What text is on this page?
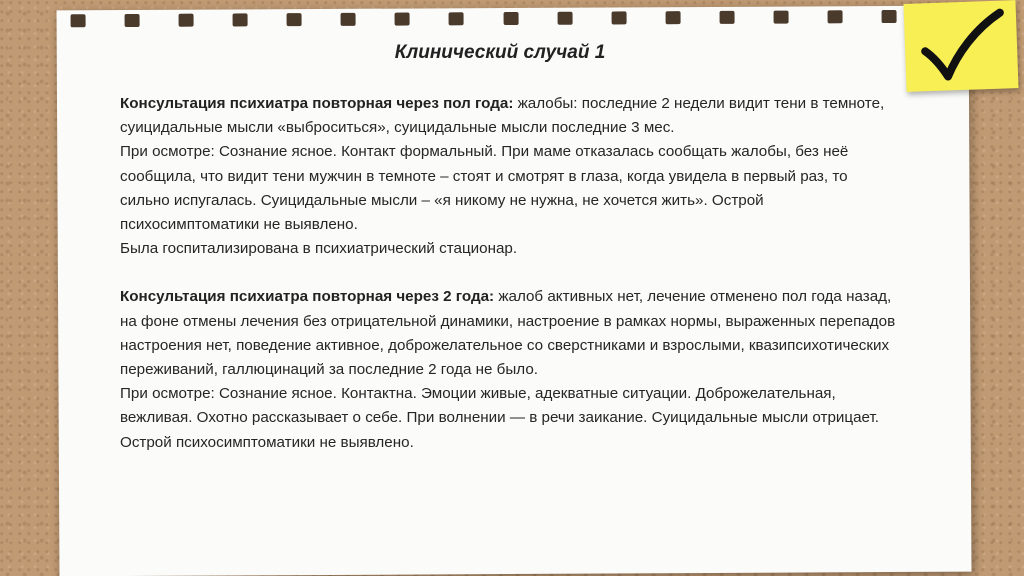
Клинический случай 1

Консультация психиатра повторная через пол года: жалобы: последние 2 недели видит тени в темноте, суицидальные мысли «выброситься», суицидальные мысли последние 3 мес.

При осмотре: Сознание ясное. Контакт формальный. При маме отказалась сообщать жалобы, без неё сообщила, что видит тени мужчин в темноте – стоят и смотрят в глаза, когда увидела в первый раз, то сильно испугалась. Суицидальные мысли – «я никому не нужна, не хочется жить». Острой психосимптоматики не выявлено.

Была госпитализирована в психиатрический стационар.

Консультация психиатра повторная через 2 года: жалоб активных нет, лечение отменено пол года назад, на фоне отмены лечения без отрицательной динамики, настроение в рамках нормы, выраженных перепадов настроения нет, поведение активное, доброжелательное со сверстниками и взрослыми, квазипсихотических переживаний, галлюцинаций за последние 2 года не было.

При осмотре: Сознание ясное. Контактна. Эмоции живые, адекватные ситуации. Доброжелательная, вежливая. Охотно рассказывает о себе. При волнении — в речи заикание. Суицидальные мысли отрицает. Острой психосимптоматики не выявлено.
